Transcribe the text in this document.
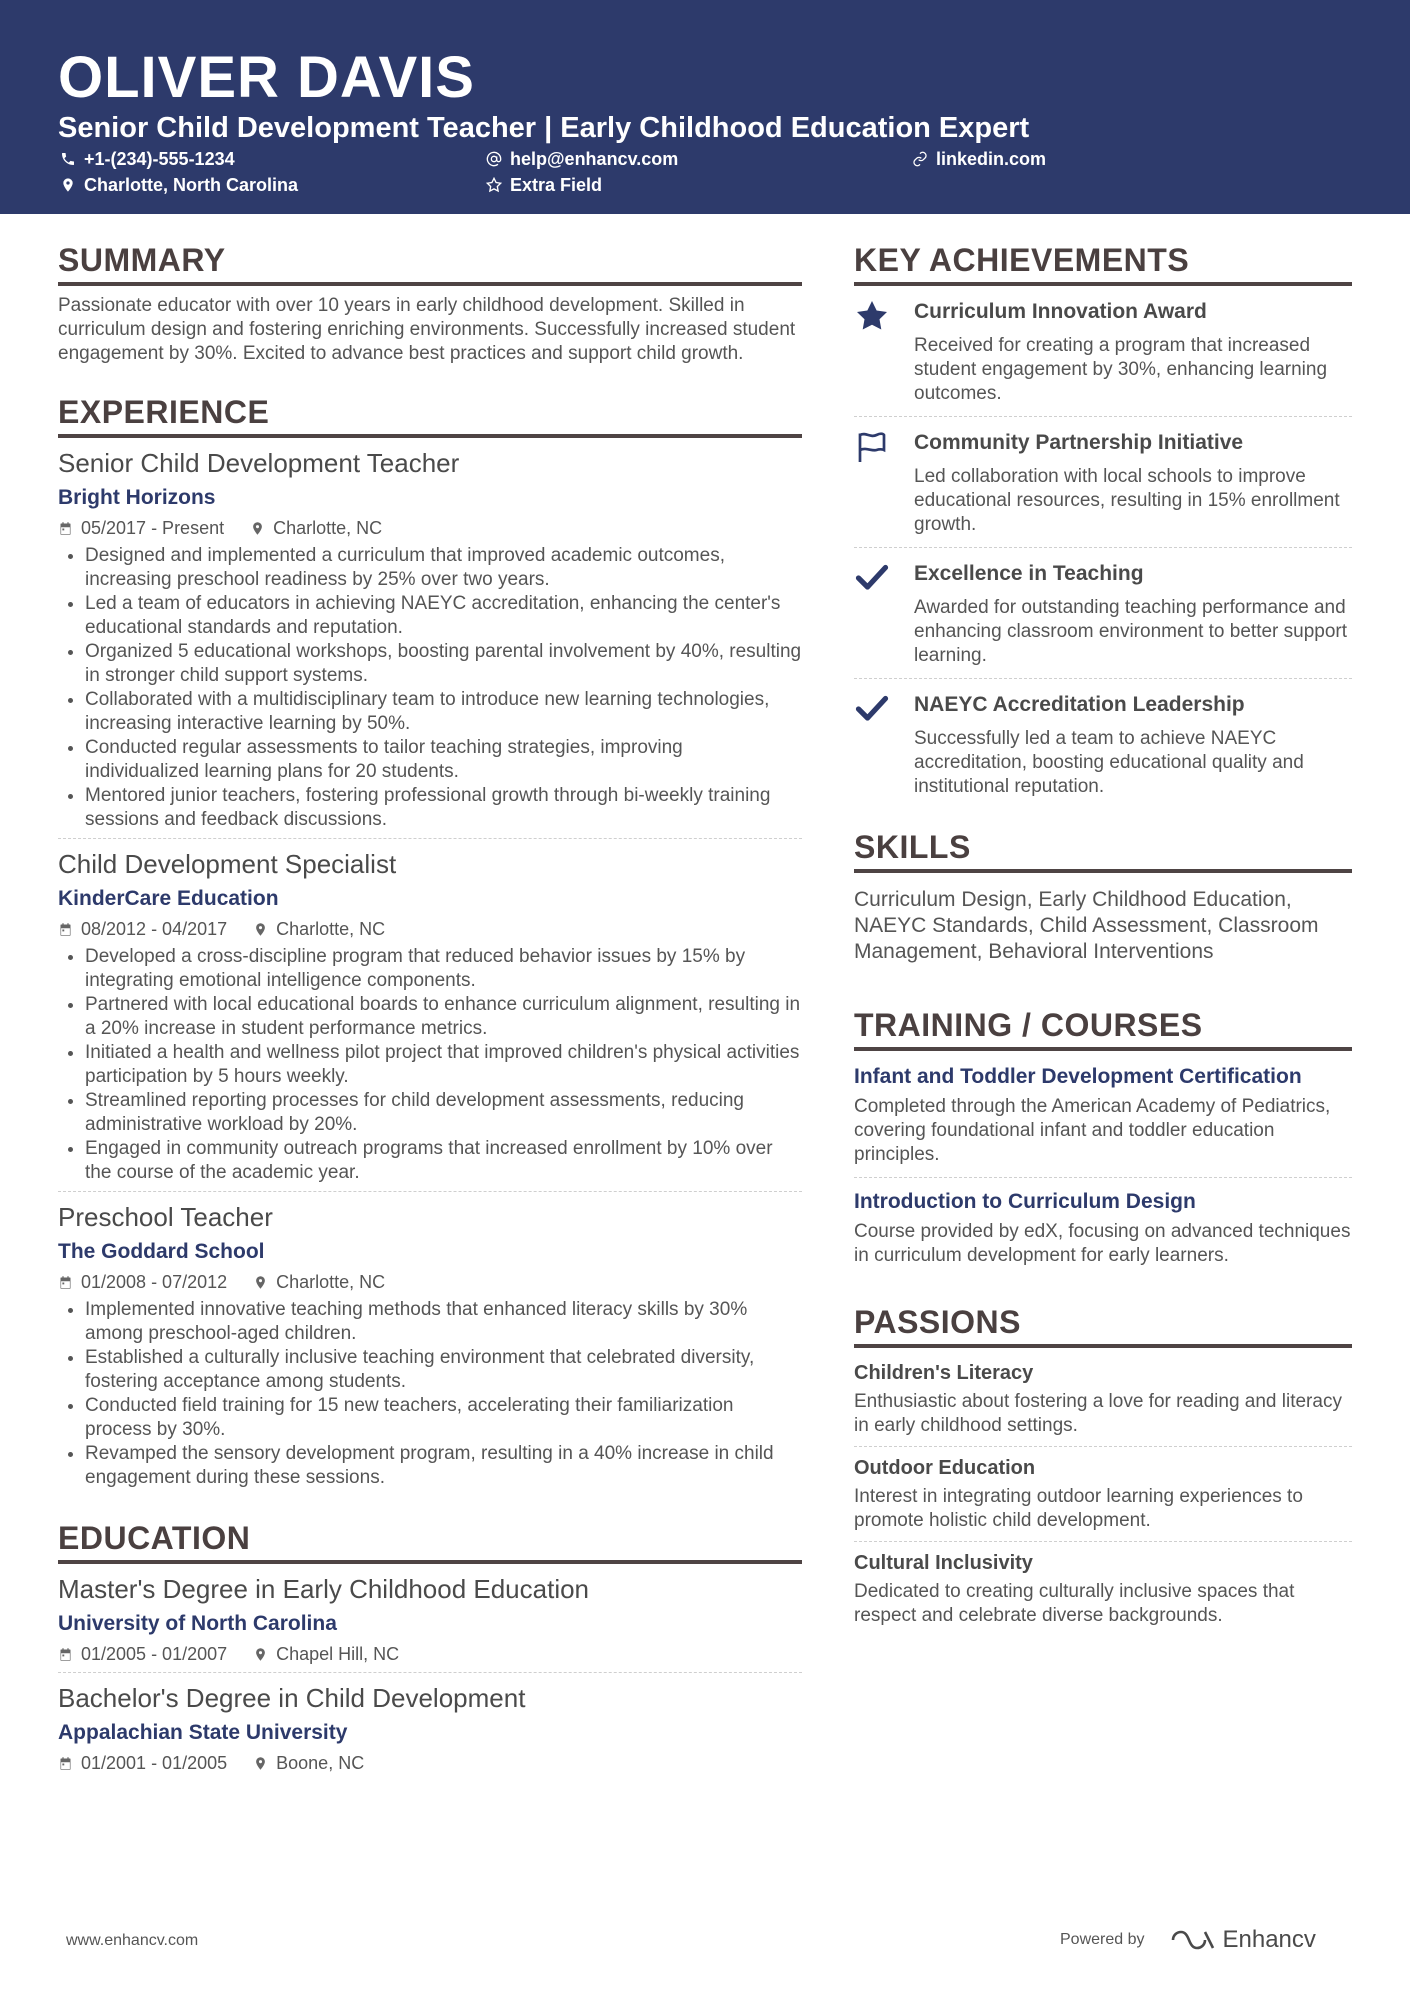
OLIVER DAVIS
Senior Child Development Teacher | Early Childhood Education Expert
+1-(234)-555-1234	help@enhancv.com	linkedin.com
Charlotte, North Carolina	Extra Field
SUMMARY

Passionate educator with over 10 years in early childhood development. Skilled in curriculum design and fostering enriching environments. Successfully increased student engagement by 30%. Excited to advance best practices and support child growth.

EXPERIENCE
Senior Child Development Teacher
Bright Horizons
05/2017 - Present	Charlotte, NC
• Designed and implemented a curriculum that improved academic outcomes, increasing preschool readiness by 25% over two years.
• Led a team of educators in achieving NAEYC accreditation, enhancing the center's educational standards and reputation.
• Organized 5 educational workshops, boosting parental involvement by 40%, resulting in stronger child support systems.
• Collaborated with a multidisciplinary team to introduce new learning technologies, increasing interactive learning by 50%.
• Conducted regular assessments to tailor teaching strategies, improving individualized learning plans for 20 students.
• Mentored junior teachers, fostering professional growth through bi-weekly training sessions and feedback discussions.
Child Development Specialist
KinderCare Education
08/2012 - 04/2017	Charlotte, NC
• Developed a cross-discipline program that reduced behavior issues by 15% by integrating emotional intelligence components.
• Partnered with local educational boards to enhance curriculum alignment, resulting in a 20% increase in student performance metrics.
• Initiated a health and wellness pilot project that improved children's physical activities participation by 5 hours weekly.
• Streamlined reporting processes for child development assessments, reducing administrative workload by 20%.
• Engaged in community outreach programs that increased enrollment by 10% over the course of the academic year.
Preschool Teacher
The Goddard School
01/2008 - 07/2012	Charlotte, NC
• Implemented innovative teaching methods that enhanced literacy skills by 30% among preschool-aged children.
• Established a culturally inclusive teaching environment that celebrated diversity, fostering acceptance among students.
• Conducted field training for 15 new teachers, accelerating their familiarization process by 30%.
• Revamped the sensory development program, resulting in a 40% increase in child engagement during these sessions.
EDUCATION
Master's Degree in Early Childhood Education
University of North Carolina
01/2005 - 01/2007	Chapel Hill, NC
Bachelor's Degree in Child Development
Appalachian State University
01/2001 - 01/2005	Boone, NC
KEY ACHIEVEMENTS
Curriculum Innovation Award
Received for creating a program that increased student engagement by 30%, enhancing learning outcomes.
Community Partnership Initiative
Led collaboration with local schools to improve educational resources, resulting in 15% enrollment growth.
Excellence in Teaching
Awarded for outstanding teaching performance and enhancing classroom environment to better support learning.
NAEYC Accreditation Leadership
Successfully led a team to achieve NAEYC accreditation, boosting educational quality and institutional reputation.
SKILLS
Curriculum Design, Early Childhood Education, NAEYC Standards, Child Assessment, Classroom Management, Behavioral Interventions
TRAINING / COURSES
Infant and Toddler Development Certification
Completed through the American Academy of Pediatrics, covering foundational infant and toddler education principles.
Introduction to Curriculum Design
Course provided by edX, focusing on advanced techniques in curriculum development for early learners.
PASSIONS
Children's Literacy
Enthusiastic about fostering a love for reading and literacy in early childhood settings.
Outdoor Education
Interest in integrating outdoor learning experiences to promote holistic child development.
Cultural Inclusivity
Dedicated to creating culturally inclusive spaces that respect and celebrate diverse backgrounds.
www.enhancv.com	Powered by	Enhancv
